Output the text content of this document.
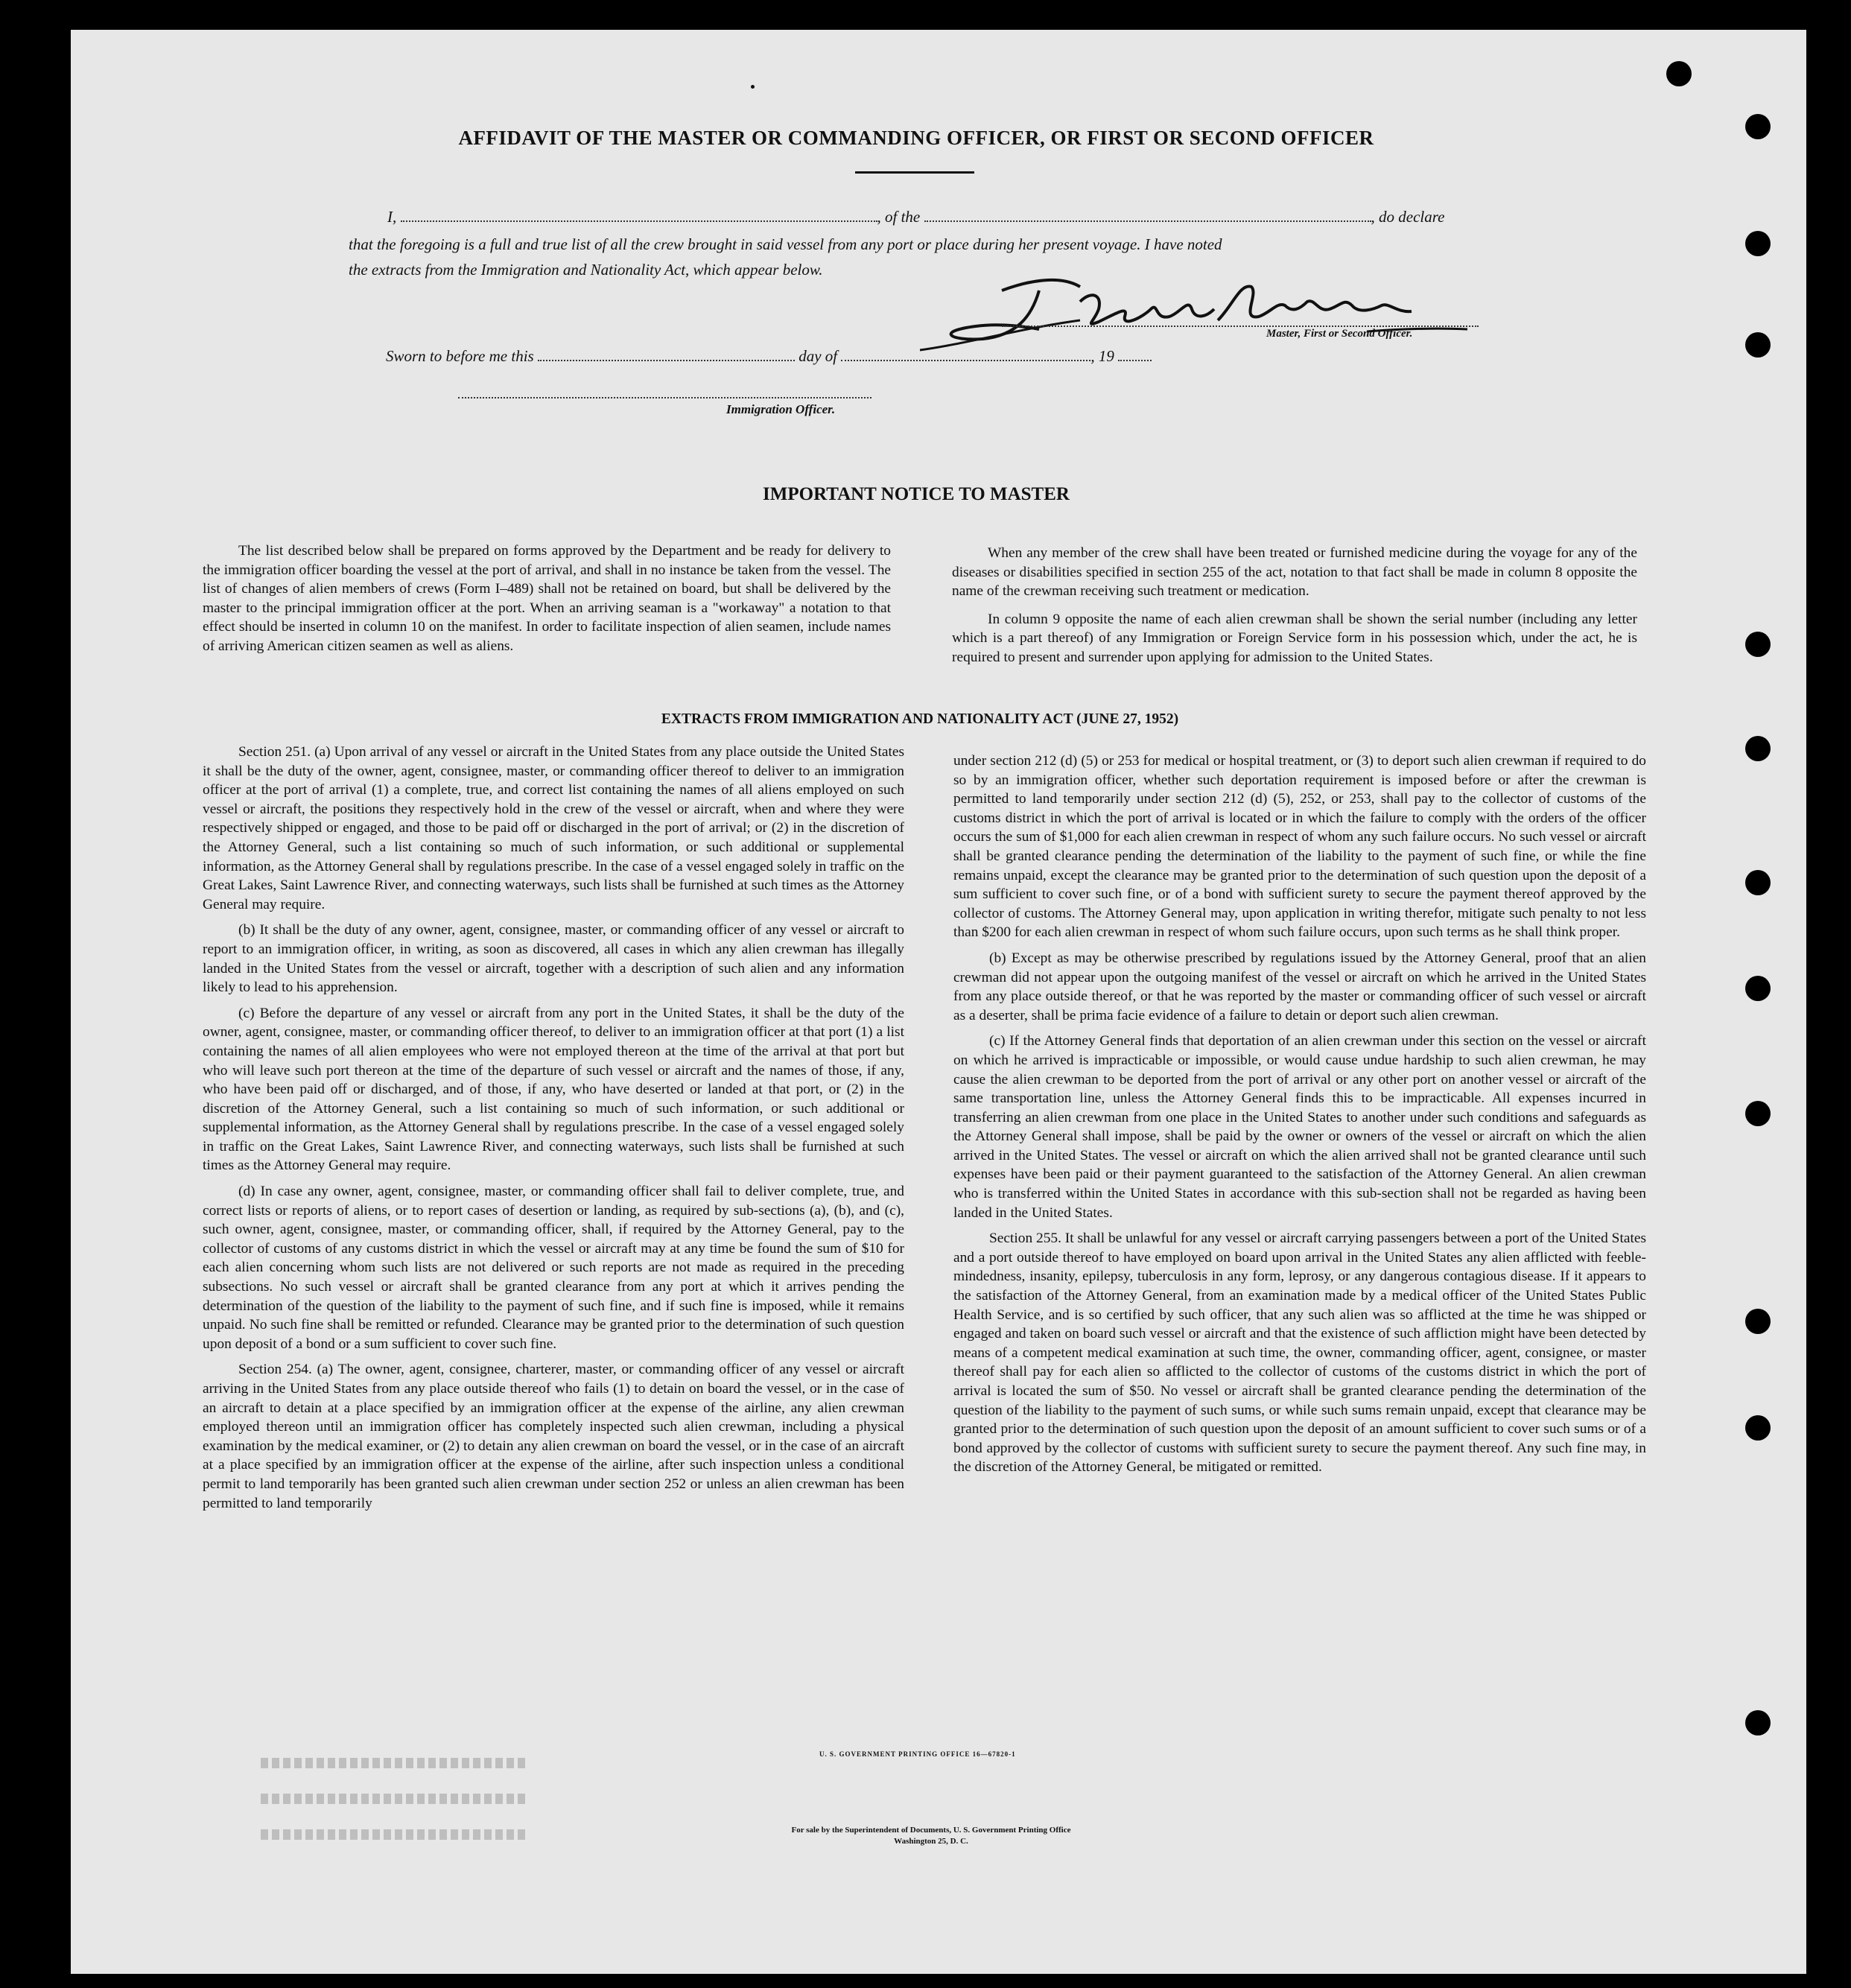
AFFIDAVIT OF THE MASTER OR COMMANDING OFFICER, OR FIRST OR SECOND OFFICER
I,	, of the	, do declare
that the foregoing is a full and true list of all the crew brought in said vessel from any port or place during her present voyage. I have noted
the extracts from the Immigration and Nationality Act, which appear below.
Master, First or Second Officer.
Sworn to before me this	day of	, 19
Immigration Officer.
IMPORTANT NOTICE TO MASTER

The list described below shall be prepared on forms approved by the Department and be ready for delivery to the immigration officer boarding the vessel at the port of arrival, and shall in no instance be taken from the vessel. The list of changes of alien members of crews (Form I–489) shall not be retained on board, but shall be delivered by the master to the principal immigration officer at the port. When an arriving seaman is a "workaway" a notation to that effect should be inserted in column 10 on the manifest. In order to facilitate inspection of alien seamen, include names of arriving American citizen seamen as well as aliens.

When any member of the crew shall have been treated or furnished medicine during the voyage for any of the diseases or disabilities specified in section 255 of the act, notation to that fact shall be made in column 8 opposite the name of the crewman receiving such treatment or medication.

In column 9 opposite the name of each alien crewman shall be shown the serial number (including any letter which is a part thereof) of any Immigration or Foreign Service form in his possession which, under the act, he is required to present and surrender upon applying for admission to the United States.

EXTRACTS FROM IMMIGRATION AND NATIONALITY ACT (JUNE 27, 1952)

Section 251. (a) Upon arrival of any vessel or aircraft in the United States from any place outside the United States it shall be the duty of the owner, agent, consignee, master, or commanding officer thereof to deliver to an immigration officer at the port of arrival (1) a complete, true, and correct list containing the names of all aliens employed on such vessel or aircraft, the positions they respectively hold in the crew of the vessel or aircraft, when and where they were respectively shipped or engaged, and those to be paid off or discharged in the port of arrival; or (2) in the discretion of the Attorney General, such a list containing so much of such information, or such additional or supplemental information, as the Attorney General shall by regulations prescribe. In the case of a vessel engaged solely in traffic on the Great Lakes, Saint Lawrence River, and connecting waterways, such lists shall be furnished at such times as the Attorney General may require.

(b) It shall be the duty of any owner, agent, consignee, master, or commanding officer of any vessel or aircraft to report to an immigration officer, in writing, as soon as discovered, all cases in which any alien crewman has illegally landed in the United States from the vessel or aircraft, together with a description of such alien and any information likely to lead to his apprehension.

(c) Before the departure of any vessel or aircraft from any port in the United States, it shall be the duty of the owner, agent, consignee, master, or commanding officer thereof, to deliver to an immigration officer at that port (1) a list containing the names of all alien employees who were not employed thereon at the time of the arrival at that port but who will leave such port thereon at the time of the departure of such vessel or aircraft and the names of those, if any, who have been paid off or discharged, and of those, if any, who have deserted or landed at that port, or (2) in the discretion of the Attorney General, such a list containing so much of such information, or such additional or supplemental information, as the Attorney General shall by regulations prescribe. In the case of a vessel engaged solely in traffic on the Great Lakes, Saint Lawrence River, and connecting waterways, such lists shall be furnished at such times as the Attorney General may require.

(d) In case any owner, agent, consignee, master, or commanding officer shall fail to deliver complete, true, and correct lists or reports of aliens, or to report cases of desertion or landing, as required by sub-sections (a), (b), and (c), such owner, agent, consignee, master, or commanding officer, shall, if required by the Attorney General, pay to the collector of customs of any customs district in which the vessel or aircraft may at any time be found the sum of $10 for each alien concerning whom such lists are not delivered or such reports are not made as required in the preceding subsections. No such vessel or aircraft shall be granted clearance from any port at which it arrives pending the determination of the question of the liability to the payment of such fine, and if such fine is imposed, while it remains unpaid. No such fine shall be remitted or refunded. Clearance may be granted prior to the determination of such question upon deposit of a bond or a sum sufficient to cover such fine.

Section 254. (a) The owner, agent, consignee, charterer, master, or commanding officer of any vessel or aircraft arriving in the United States from any place outside thereof who fails (1) to detain on board the vessel, or in the case of an aircraft to detain at a place specified by an immigration officer at the expense of the airline, any alien crewman employed thereon until an immigration officer has completely inspected such alien crewman, including a physical examination by the medical examiner, or (2) to detain any alien crewman on board the vessel, or in the case of an aircraft at a place specified by an immigration officer at the expense of the airline, after such inspection unless a conditional permit to land temporarily has been granted such alien crewman under section 252 or unless an alien crewman has been permitted to land temporarily

under section 212 (d) (5) or 253 for medical or hospital treatment, or (3) to deport such alien crewman if required to do so by an immigration officer, whether such deportation requirement is imposed before or after the crewman is permitted to land temporarily under section 212 (d) (5), 252, or 253, shall pay to the collector of customs of the customs district in which the port of arrival is located or in which the failure to comply with the orders of the officer occurs the sum of $1,000 for each alien crewman in respect of whom any such failure occurs. No such vessel or aircraft shall be granted clearance pending the determination of the liability to the payment of such fine, or while the fine remains unpaid, except the clearance may be granted prior to the determination of such question upon the deposit of a sum sufficient to cover such fine, or of a bond with sufficient surety to secure the payment thereof approved by the collector of customs. The Attorney General may, upon application in writing therefor, mitigate such penalty to not less than $200 for each alien crewman in respect of whom such failure occurs, upon such terms as he shall think proper.

(b) Except as may be otherwise prescribed by regulations issued by the Attorney General, proof that an alien crewman did not appear upon the outgoing manifest of the vessel or aircraft on which he arrived in the United States from any place outside thereof, or that he was reported by the master or commanding officer of such vessel or aircraft as a deserter, shall be prima facie evidence of a failure to detain or deport such alien crewman.

(c) If the Attorney General finds that deportation of an alien crewman under this section on the vessel or aircraft on which he arrived is impracticable or impossible, or would cause undue hardship to such alien crewman, he may cause the alien crewman to be deported from the port of arrival or any other port on another vessel or aircraft of the same transportation line, unless the Attorney General finds this to be impracticable. All expenses incurred in transferring an alien crewman from one place in the United States to another under such conditions and safeguards as the Attorney General shall impose, shall be paid by the owner or owners of the vessel or aircraft on which the alien arrived in the United States. The vessel or aircraft on which the alien arrived shall not be granted clearance until such expenses have been paid or their payment guaranteed to the satisfaction of the Attorney General. An alien crewman who is transferred within the United States in accordance with this sub-section shall not be regarded as having been landed in the United States.

Section 255. It shall be unlawful for any vessel or aircraft carrying passengers between a port of the United States and a port outside thereof to have employed on board upon arrival in the United States any alien afflicted with feeble-mindedness, insanity, epilepsy, tuberculosis in any form, leprosy, or any dangerous contagious disease. If it appears to the satisfaction of the Attorney General, from an examination made by a medical officer of the United States Public Health Service, and is so certified by such officer, that any such alien was so afflicted at the time he was shipped or engaged and taken on board such vessel or aircraft and that the existence of such affliction might have been detected by means of a competent medical examination at such time, the owner, commanding officer, agent, consignee, or master thereof shall pay for each alien so afflicted to the collector of customs of the customs district in which the port of arrival is located the sum of $50. No vessel or aircraft shall be granted clearance pending the determination of the question of the liability to the payment of such sums, or while such sums remain unpaid, except that clearance may be granted prior to the determination of such question upon the deposit of an amount sufficient to cover such sums or of a bond approved by the collector of customs with sufficient surety to secure the payment thereof. Any such fine may, in the discretion of the Attorney General, be mitigated or remitted.

U. S. GOVERNMENT PRINTING OFFICE 16—67820-1
For sale by the Superintendent of Documents, U. S. Government Printing Office
Washington 25, D. C.
